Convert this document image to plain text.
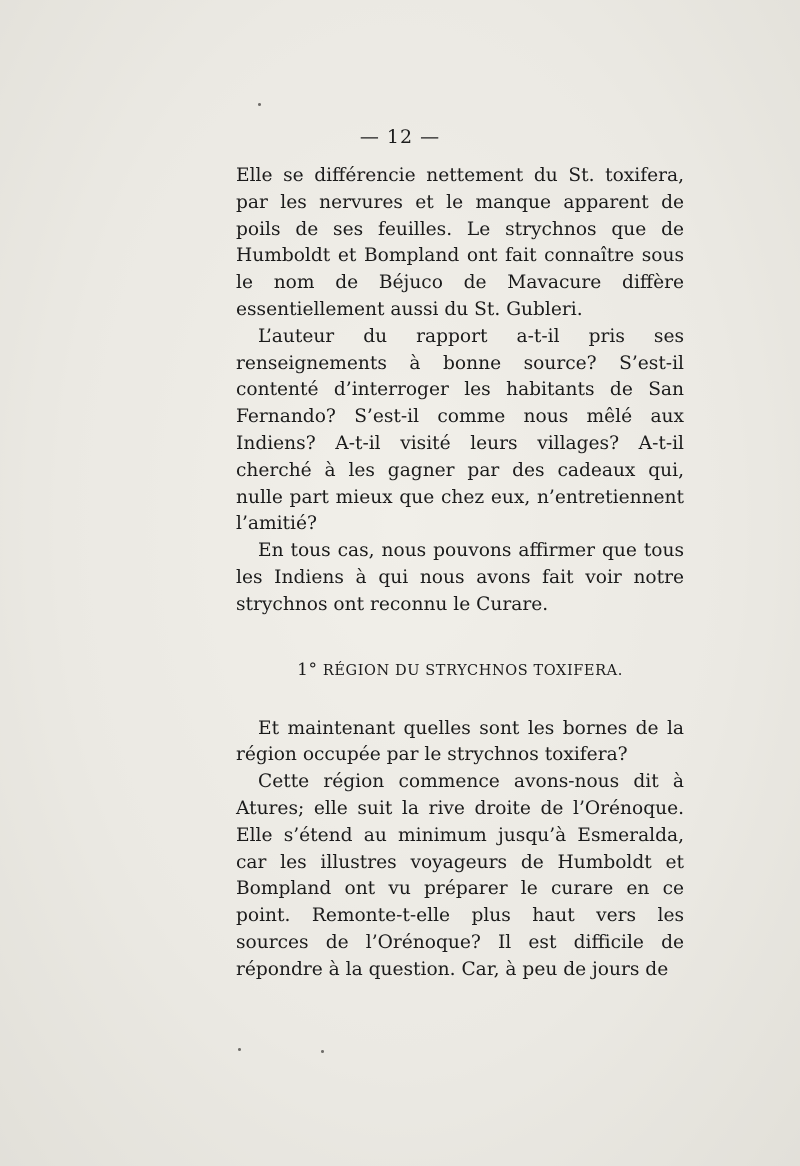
— 12 —

Elle se différencie nettement du St. toxifera, par les nervures et le manque apparent de poils de ses feuilles. Le strychnos que de Humboldt et Bompland ont fait connaître sous le nom de Béjuco de Mavacure diffère essentiellement aussi du St. Gubleri.

L’auteur du rapport a-t-il pris ses renseignements à bonne source? S’est-il contenté d’interroger les habitants de San Fernando? S’est-il comme nous mêlé aux Indiens? A-t-il visité leurs villages? A-t-il cherché à les gagner par des cadeaux qui, nulle part mieux que chez eux, n’entretiennent l’amitié?

En tous cas, nous pouvons affirmer que tous les Indiens à qui nous avons fait voir notre strychnos ont reconnu le Curare.

1° RÉGION DU STRYCHNOS TOXIFERA.

Et maintenant quelles sont les bornes de la région occupée par le strychnos toxifera?

Cette région commence avons-nous dit à Atures; elle suit la rive droite de l’Orénoque. Elle s’étend au minimum jusqu’à Esmeralda, car les illustres voyageurs de Humboldt et Bompland ont vu préparer le curare en ce point. Remonte-t-elle plus haut vers les sources de l’Orénoque? Il est difficile de répondre à la question. Car, à peu de jours de
